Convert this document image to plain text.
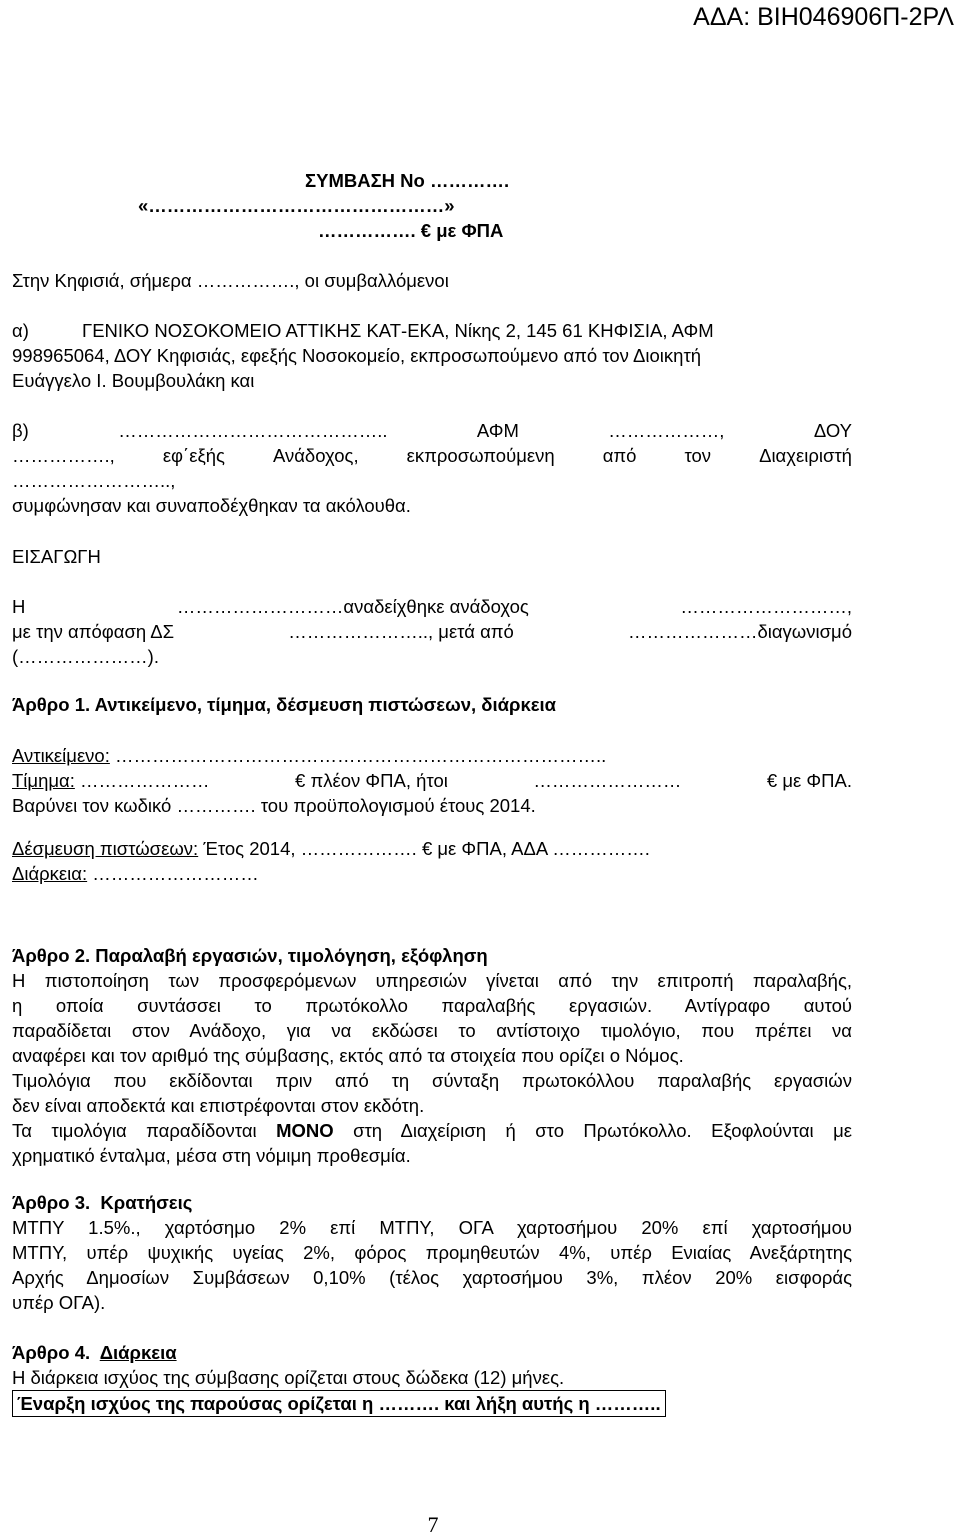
ΑΔΑ: ΒΙΗ046906Π-2ΡΛ
ΣΥΜΒΑΣΗ No ………….
«…………………………………………»
……………. € με ΦΠΑ
Στην Κηφισιά, σήμερα ……………., οι συμβαλλόμενοι
α)	ΓΕΝΙΚΟ ΝΟΣΟΚΟΜΕΙΟ ΑΤΤΙΚΗΣ ΚΑΤ-ΕΚΑ, Νίκης 2, 145 61 ΚΗΦΙΣΙΑ, ΑΦΜ
998965064, ΔΟΥ Κηφισιάς, εφεξής Νοσοκομείο, εκπροσωπούμενο από τον Διοικητή
Ευάγγελο Ι. Βουμβουλάκη και
β)	……………………………………..	ΑΦΜ	………………,	ΔΟΥ
…………….,	εφ΄εξής	Ανάδοχος,	εκπροσωπούμενη	από	τον	Διαχειριστή
……………………..,
συμφώνησαν και συναποδέχθηκαν τα ακόλουθα.
ΕΙΣΑΓΩΓΗ
Η	………………………αναδείχθηκε ανάδοχος	………………………,
με την απόφαση ΔΣ	………………….., μετά από	…………………διαγωνισμό
(…………………).
Άρθρο 1. Αντικείμενο, τίμημα, δέσμευση πιστώσεων, διάρκεια
Αντικείμενο: ……………………………………………………………………..
Τίμημα: …………………	€ πλέον ΦΠΑ, ήτοι	……………………	€ με ΦΠΑ.
Βαρύνει τον κωδικό …………. του προϋπολογισμού έτους 2014.
Δέσμευση πιστώσεων: Έτος 2014, ………………. € με ΦΠΑ, ΑΔΑ …………….
Διάρκεια: ………………………
Άρθρο 2. Παραλαβή εργασιών, τιμολόγηση, εξόφληση
Η πιστοποίηση των προσφερόμενων υπηρεσιών γίνεται από την επιτροπή παραλαβής,
η οποία συντάσσει το πρωτόκολλο παραλαβής εργασιών. Αντίγραφο αυτού
παραδίδεται στον Ανάδοχο, για να εκδώσει το αντίστοιχο τιμολόγιο, που πρέπει να
αναφέρει και τον αριθμό της σύμβασης, εκτός από τα στοιχεία που ορίζει ο Νόμος.
Τιμολόγια που εκδίδονται πριν από τη σύνταξη πρωτοκόλλου παραλαβής εργασιών
δεν είναι αποδεκτά και επιστρέφονται στον εκδότη.
Τα τιμολόγια παραδίδονται ΜΟΝΟ στη Διαχείριση ή στο Πρωτόκολλο. Εξοφλούνται με
χρηματικό ένταλμα, μέσα στη νόμιμη προθεσμία.
Άρθρο 3. Κρατήσεις
ΜΤΠΥ 1.5%., χαρτόσημο 2% επί ΜΤΠΥ, ΟΓΑ χαρτοσήμου 20% επί χαρτοσήμου
ΜΤΠΥ, υπέρ ψυχικής υγείας 2%, φόρος προμηθευτών 4%, υπέρ Ενιαίας Ανεξάρτητης
Αρχής Δημοσίων Συμβάσεων 0,10% (τέλος χαρτοσήμου 3%, πλέον 20% εισφοράς
υπέρ ΟΓΑ).
Άρθρο 4. Διάρκεια
Η διάρκεια ισχύος της σύμβασης ορίζεται στους δώδεκα (12) μήνες.
Έναρξη ισχύος της παρούσας ορίζεται η ………. και λήξη αυτής η ………..
7
